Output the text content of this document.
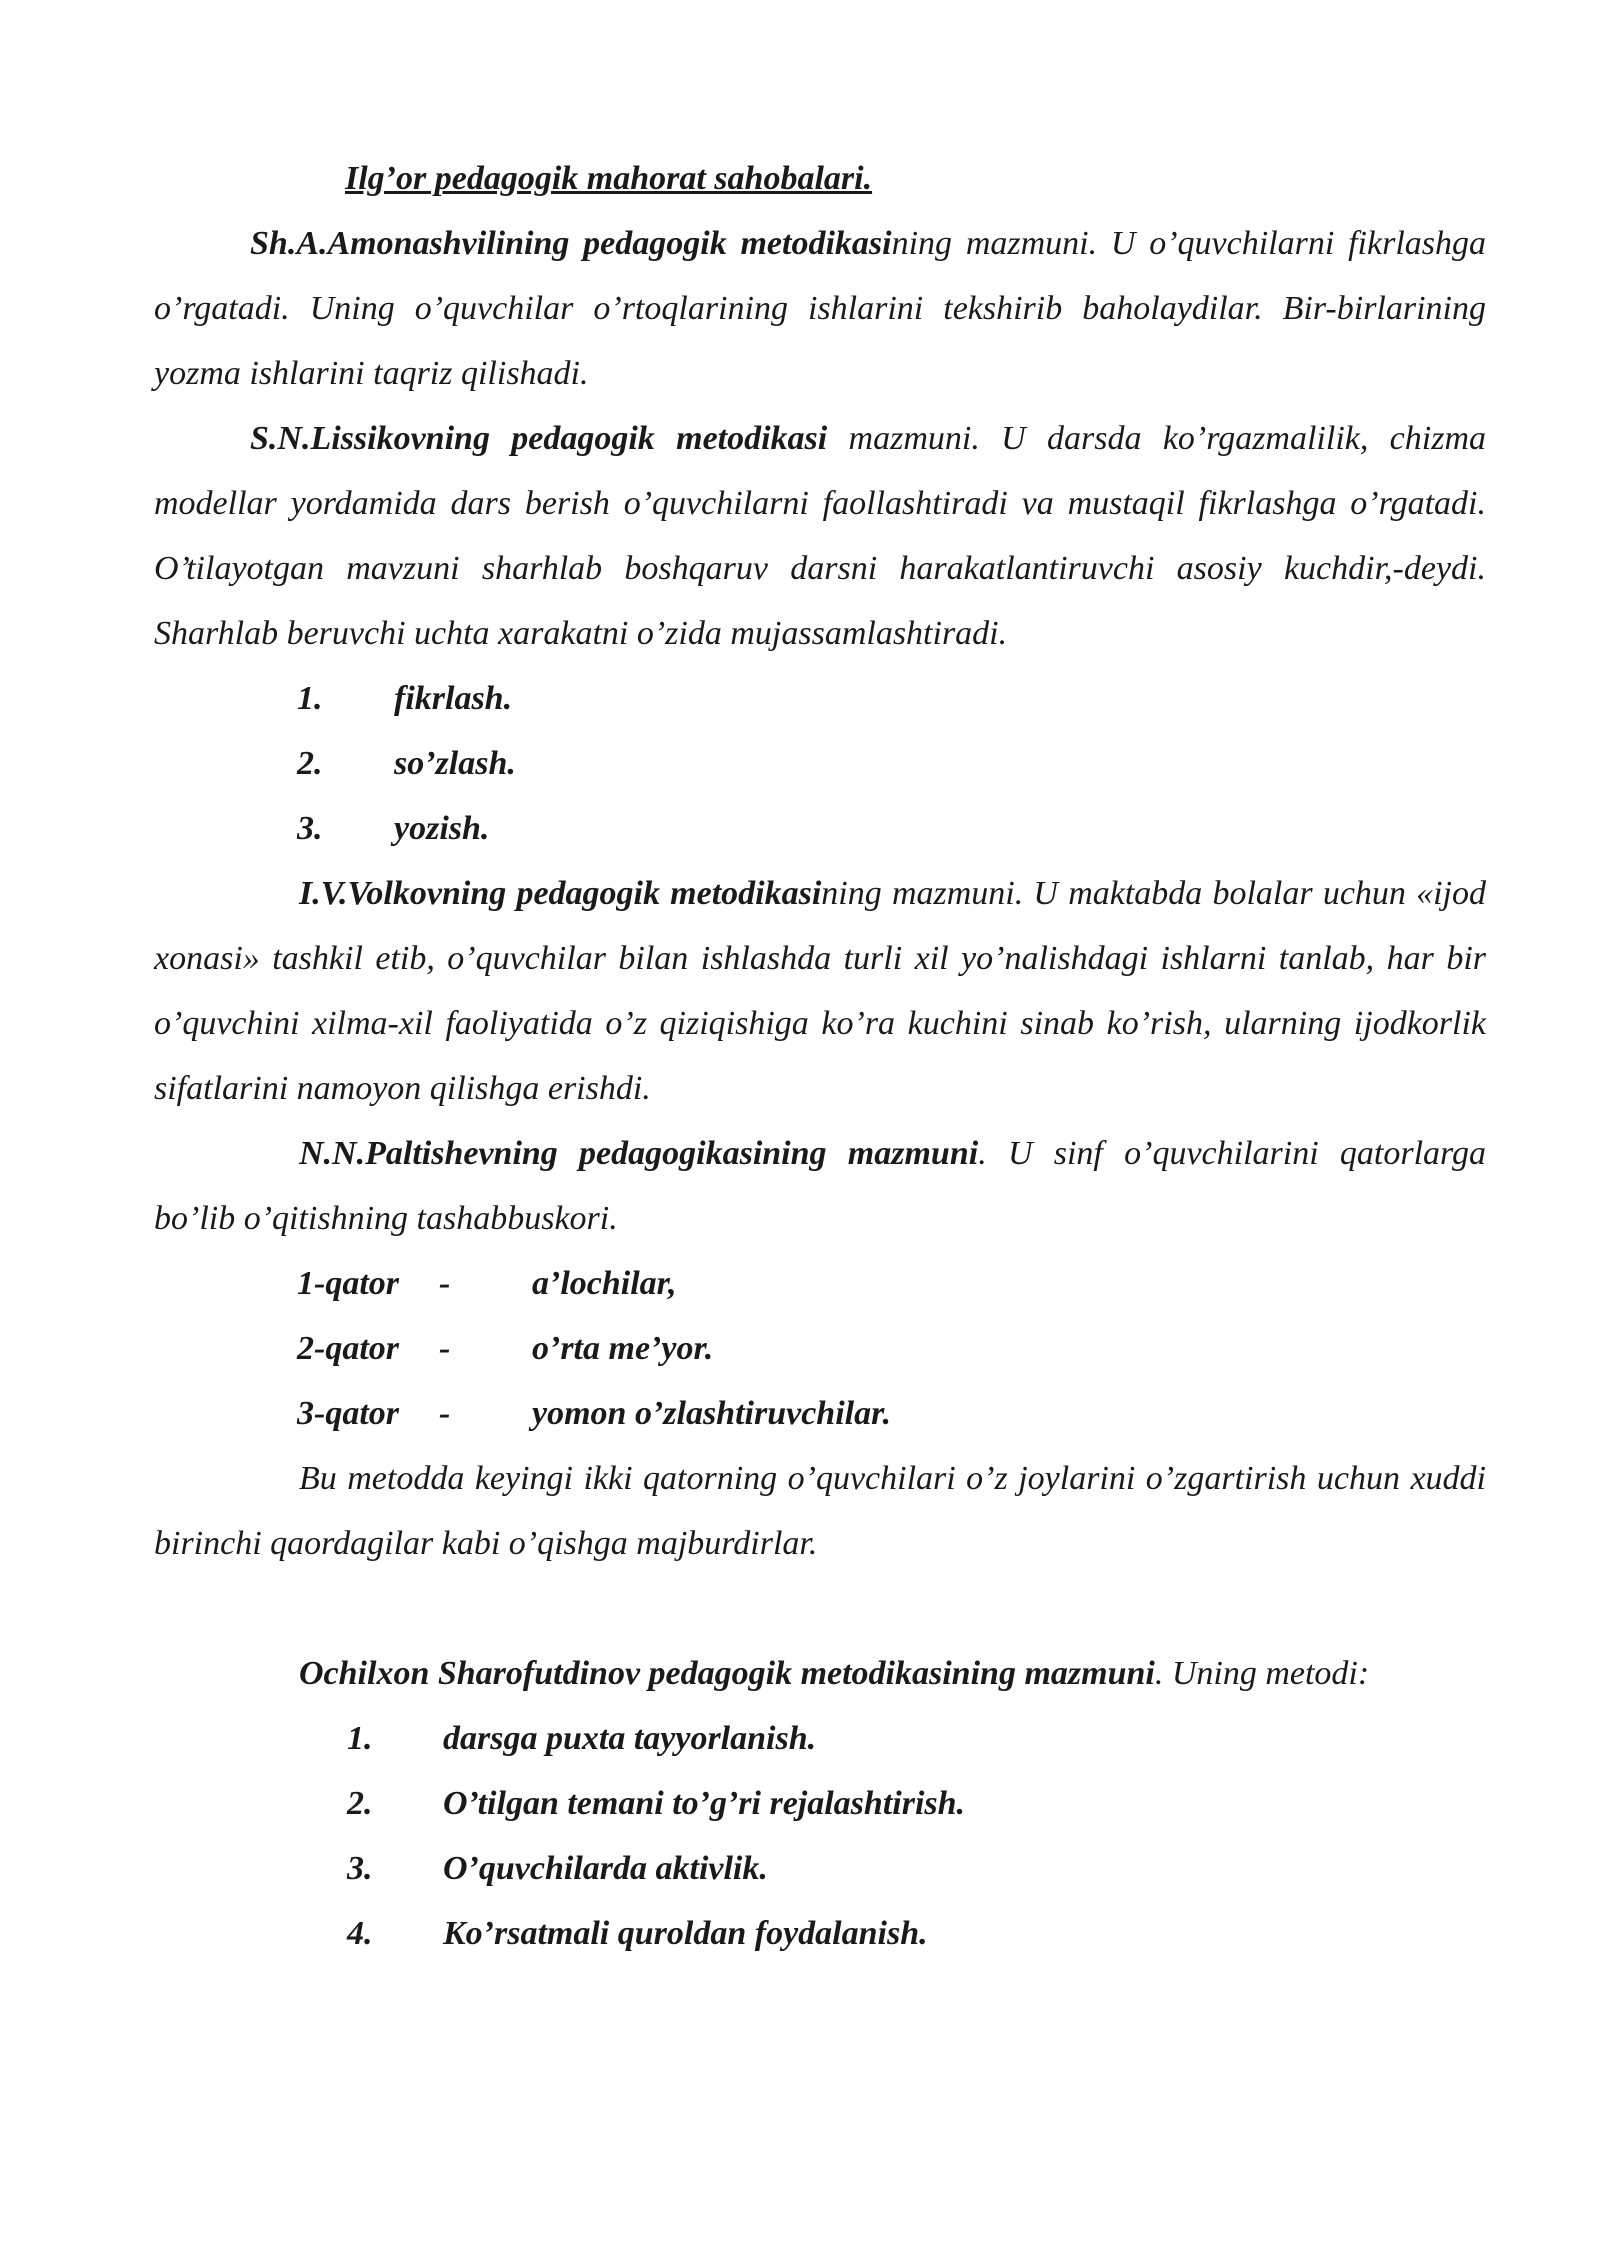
Ilg’or pedagogik mahorat sahobalari.

Sh.A.Amonashvilining pedagogik metodikasining mazmuni. U o’quvchilarni fikrlashga o’rgatadi. Uning o’quvchilar o’rtoqlarining ishlarini tekshirib baholaydilar. Bir-birlarining yozma ishlarini taqriz qilishadi.

S.N.Lissikovning pedagogik metodikasi mazmuni. U darsda ko’rgazmalilik, chizma modellar yordamida dars berish o’quvchilarni faollashtiradi va mustaqil fikrlashga o’rgatadi. O’tilayotgan mavzuni sharhlab boshqaruv darsni harakatlantiruvchi asosiy kuchdir,-deydi. Sharhlab beruvchi uchta xarakatni o’zida mujassamlashtiradi.

1. fikrlash.
2. so’zlash.
3. yozish.

I.V.Volkovning pedagogik metodikasining mazmuni. U maktabda bolalar uchun «ijod xonasi» tashkil etib, o’quvchilar bilan ishlashda turli xil yo’nalishdagi ishlarni tanlab, har bir o’quvchini xilma-xil faoliyatida o’z qiziqishiga ko’ra kuchini sinab ko’rish, ularning ijodkorlik sifatlarini namoyon qilishga erishdi.

N.N.Paltishevning pedagogikasining mazmuni. U sinf o’quvchilarini qatorlarga bo’lib o’qitishning tashabbuskori.

1-qator - a’lochilar,
2-qator - o’rta me’yor.
3-qator - yomon o’zlashtiruvchilar.

Bu metodda keyingi ikki qatorning o’quvchilari o’z joylarini o’zgartirish uchun xuddi birinchi qaordagilar kabi o’qishga majburdirlar.

Ochilxon Sharofutdinov pedagogik metodikasining mazmuni. Uning metodi:

1. darsga puxta tayyorlanish.
2. O’tilgan temani to’g’ri rejalashtirish.
3. O’quvchilarda aktivlik.
4. Ko’rsatmali quroldan foydalanish.
